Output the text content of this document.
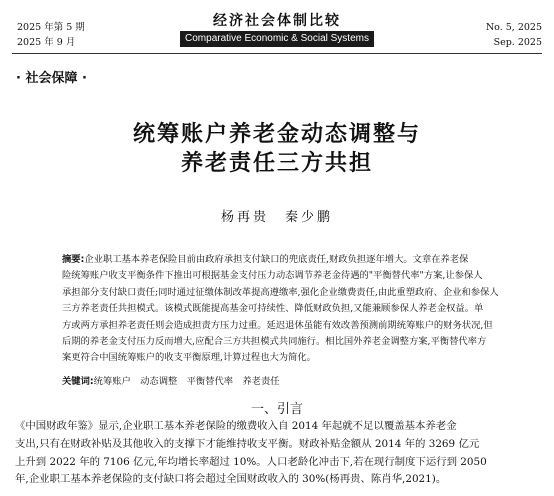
2025 年第 5 期
2025 年 9 月
经济社会体制比较
Comparative Economic & Social Systems
No. 5, 2025
Sep. 2025
· 社会保障 ·
统筹账户养老金动态调整与
养老责任三方共担
杨再贵　秦少鹏
摘要:企业职工基本养老保险目前由政府承担支付缺口的兜底责任,财政负担逐年增大。文章在养老保
险统筹账户收支平衡条件下推出可根据基金支付压力动态调节养老金待遇的"平衡替代率"方案,让参保人
承担部分支付缺口责任;同时通过征缴体制改革提高遵缴率,强化企业缴费责任,由此重塑政府、企业和参保人
三方养老责任共担模式。该模式既能提高基金可持续性、降低财政负担,又能兼顾参保人养老金权益。单
方或两方承担养老责任则会造成担责方压力过重。延迟退休虽能有效改善预测前期统筹账户的财务状况,但
后期的养老金支付压力反而增大,应配合三方共担模式共同施行。相比国外养老金调整方案,平衡替代率方
案更符合中国统筹账户的收支平衡原理,计算过程也大为简化。
关键词:统筹账户　动态调整　平衡替代率　养老责任
一、引言
《中国财政年鉴》显示,企业职工基本养老保险的缴费收入自 2014 年起就不足以覆盖基本养老金
支出,只有在财政补贴及其他收入的支撑下才能维持收支平衡。财政补贴金额从 2014 年的 3269 亿元
上升到 2022 年的 7106 亿元,年均增长率超过 10%。人口老龄化冲击下,若在现行制度下运行到 2050
年,企业职工基本养老保险的支付缺口将会超过全国财政收入的 30%(杨再贵、陈肖华,2021)。
